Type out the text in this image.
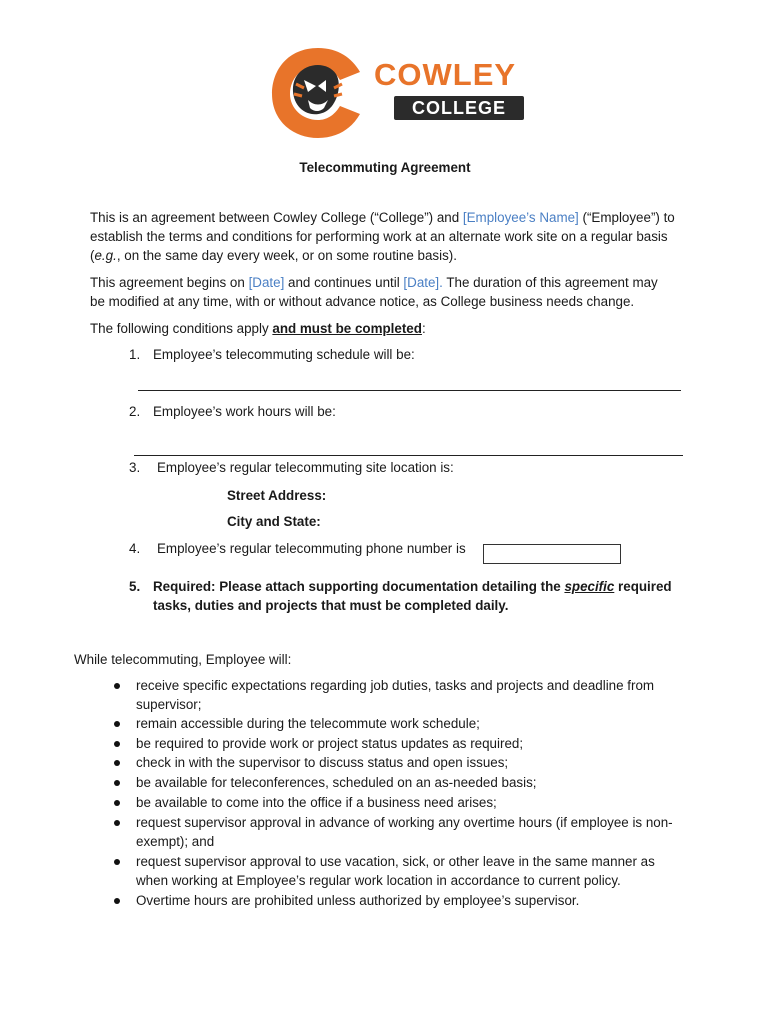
COWLEY
COLLEGE
Telecommuting Agreement
This is an agreement between Cowley College (“College”) and [Employee’s Name] (“Employee”) to
establish the terms and conditions for performing work at an alternate work site on a regular basis
(e.g., on the same day every week, or on some routine basis).
This agreement begins on [Date] and continues until [Date]. The duration of this agreement may
be modified at any time, with or without advance notice, as College business needs change.
The following conditions apply and must be completed:
1. Employee’s telecommuting schedule will be:
2. Employee’s work hours will be:
3. Employee’s regular telecommuting site location is:
Street Address:
City and State:
4. Employee’s regular telecommuting phone number is
5. Required: Please attach supporting documentation detailing the specific required
tasks, duties and projects that must be completed daily.
While telecommuting, Employee will:
receive specific expectations regarding job duties, tasks and projects and deadline from supervisor;
remain accessible during the telecommute work schedule;
be required to provide work or project status updates as required;
check in with the supervisor to discuss status and open issues;
be available for teleconferences, scheduled on an as-needed basis;
be available to come into the office if a business need arises;
request supervisor approval in advance of working any overtime hours (if employee is non-exempt); and
request supervisor approval to use vacation, sick, or other leave in the same manner as when working at Employee’s regular work location in accordance to current policy.
Overtime hours are prohibited unless authorized by employee’s supervisor.
